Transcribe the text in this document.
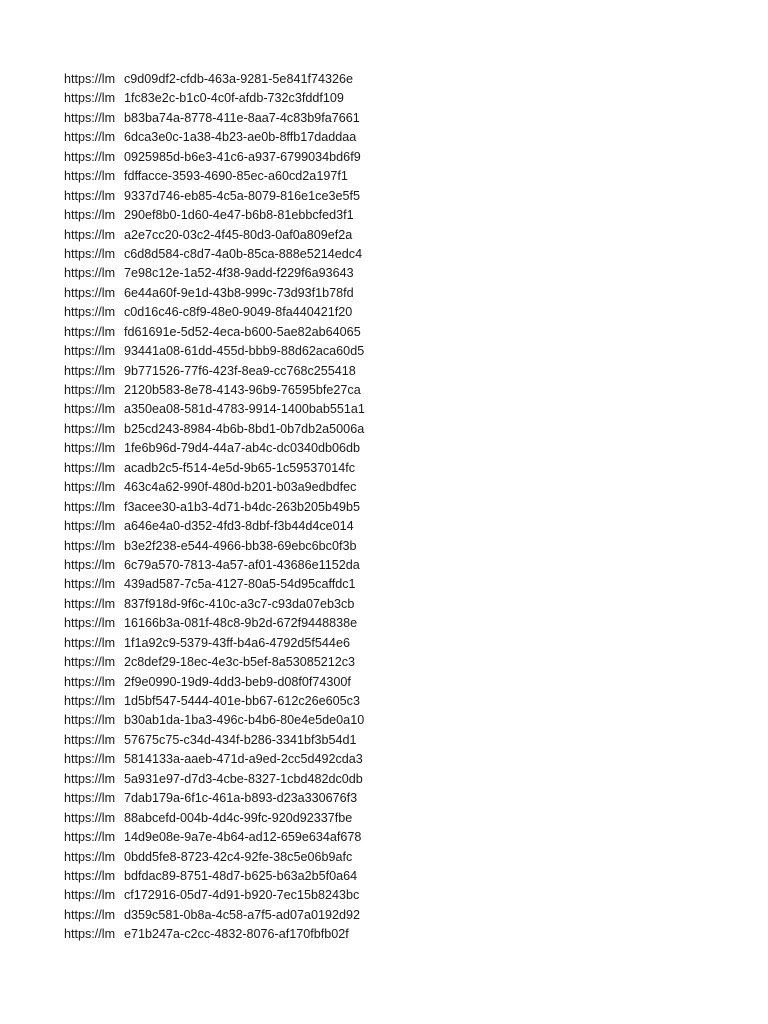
https://lm c9d09df2-cfdb-463a-9281-5e841f74326e
https://lm 1fc83e2c-b1c0-4c0f-afdb-732c3fddf109
https://lm b83ba74a-8778-411e-8aa7-4c83b9fa7661
https://lm 6dca3e0c-1a38-4b23-ae0b-8ffb17daddaa
https://lm 0925985d-b6e3-41c6-a937-6799034bd6f9
https://lm fdffacce-3593-4690-85ec-a60cd2a197f1
https://lm 9337d746-eb85-4c5a-8079-816e1ce3e5f5
https://lm 290ef8b0-1d60-4e47-b6b8-81ebbcfed3f1
https://lm a2e7cc20-03c2-4f45-80d3-0af0a809ef2a
https://lm c6d8d584-c8d7-4a0b-85ca-888e5214edc4
https://lm 7e98c12e-1a52-4f38-9add-f229f6a93643
https://lm 6e44a60f-9e1d-43b8-999c-73d93f1b78fd
https://lm c0d16c46-c8f9-48e0-9049-8fa440421f20
https://lm fd61691e-5d52-4eca-b600-5ae82ab64065
https://lm 93441a08-61dd-455d-bbb9-88d62aca60d5
https://lm 9b771526-77f6-423f-8ea9-cc768c255418
https://lm 2120b583-8e78-4143-96b9-76595bfe27ca
https://lm a350ea08-581d-4783-9914-1400bab551a1
https://lm b25cd243-8984-4b6b-8bd1-0b7db2a5006a
https://lm 1fe6b96d-79d4-44a7-ab4c-dc0340db06db
https://lm acadb2c5-f514-4e5d-9b65-1c59537014fc
https://lm 463c4a62-990f-480d-b201-b03a9edbdfec
https://lm f3acee30-a1b3-4d71-b4dc-263b205b49b5
https://lm a646e4a0-d352-4fd3-8dbf-f3b44d4ce014
https://lm b3e2f238-e544-4966-bb38-69ebc6bc0f3b
https://lm 6c79a570-7813-4a57-af01-43686e1152da
https://lm 439ad587-7c5a-4127-80a5-54d95caffdc1
https://lm 837f918d-9f6c-410c-a3c7-c93da07eb3cb
https://lm 16166b3a-081f-48c8-9b2d-672f9448838e
https://lm 1f1a92c9-5379-43ff-b4a6-4792d5f544e6
https://lm 2c8def29-18ec-4e3c-b5ef-8a53085212c3
https://lm 2f9e0990-19d9-4dd3-beb9-d08f0f74300f
https://lm 1d5bf547-5444-401e-bb67-612c26e605c3
https://lm b30ab1da-1ba3-496c-b4b6-80e4e5de0a10
https://lm 57675c75-c34d-434f-b286-3341bf3b54d1
https://lm 5814133a-aaeb-471d-a9ed-2cc5d492cda3
https://lm 5a931e97-d7d3-4cbe-8327-1cbd482dc0db
https://lm 7dab179a-6f1c-461a-b893-d23a330676f3
https://lm 88abcefd-004b-4d4c-99fc-920d92337fbe
https://lm 14d9e08e-9a7e-4b64-ad12-659e634af678
https://lm 0bdd5fe8-8723-42c4-92fe-38c5e06b9afc
https://lm bdfdac89-8751-48d7-b625-b63a2b5f0a64
https://lm cf172916-05d7-4d91-b920-7ec15b8243bc
https://lm d359c581-0b8a-4c58-a7f5-ad07a0192d92
https://lm e71b247a-c2cc-4832-8076-af170fbfb02f
